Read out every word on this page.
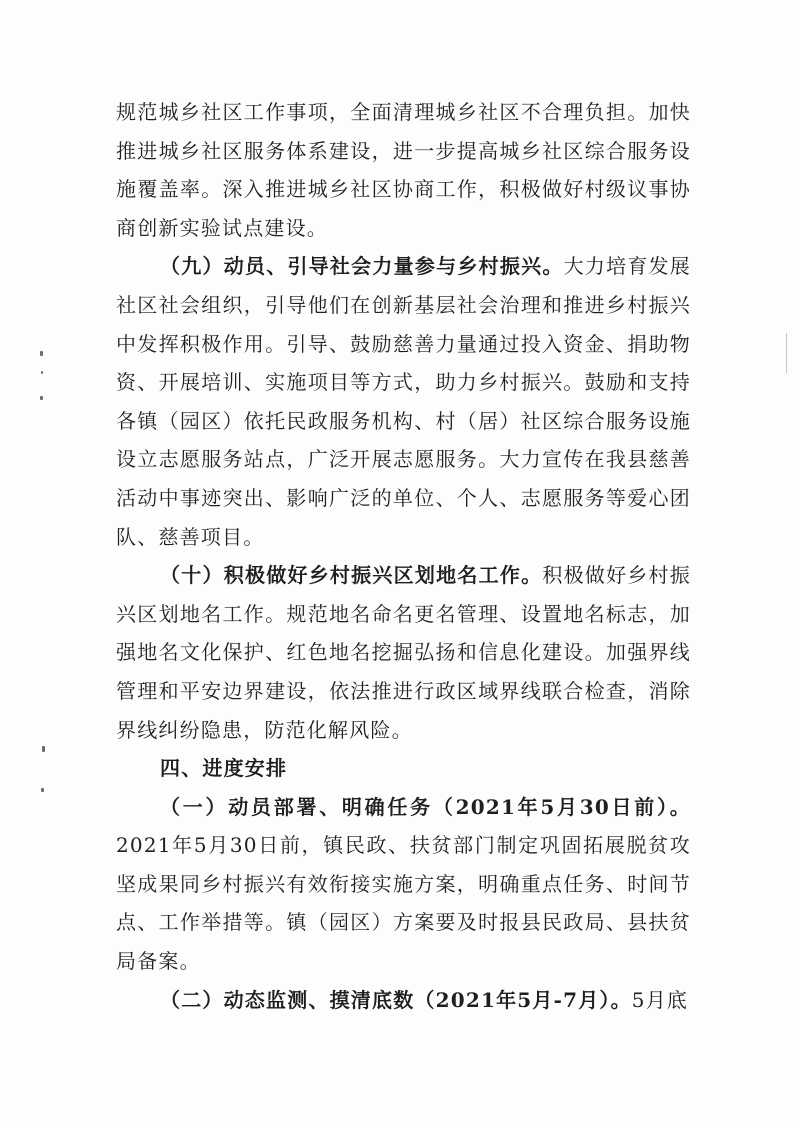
规范城乡社区工作事项，全面清理城乡社区不合理负担。加快推进城乡社区服务体系建设，进一步提高城乡社区综合服务设施覆盖率。深入推进城乡社区协商工作，积极做好村级议事协商创新实验试点建设。

（九）动员、引导社会力量参与乡村振兴。大力培育发展社区社会组织，引导他们在创新基层社会治理和推进乡村振兴中发挥积极作用。引导、鼓励慈善力量通过投入资金、捐助物资、开展培训、实施项目等方式，助力乡村振兴。鼓励和支持各镇（园区）依托民政服务机构、村（居）社区综合服务设施设立志愿服务站点，广泛开展志愿服务。大力宣传在我县慈善活动中事迹突出、影响广泛的单位、个人、志愿服务等爱心团队、慈善项目。

（十）积极做好乡村振兴区划地名工作。积极做好乡村振兴区划地名工作。规范地名命名更名管理、设置地名标志，加强地名文化保护、红色地名挖掘弘扬和信息化建设。加强界线管理和平安边界建设，依法推进行政区域界线联合检查，消除界线纠纷隐患，防范化解风险。

四、进度安排

（一）动员部署、明确任务（2021年5月30日前）。2021年5月30日前，镇民政、扶贫部门制定巩固拓展脱贫攻坚成果同乡村振兴有效衔接实施方案，明确重点任务、时间节点、工作举措等。镇（园区）方案要及时报县民政局、县扶贫局备案。

（二）动态监测、摸清底数（2021年5月-7月）。5月底
